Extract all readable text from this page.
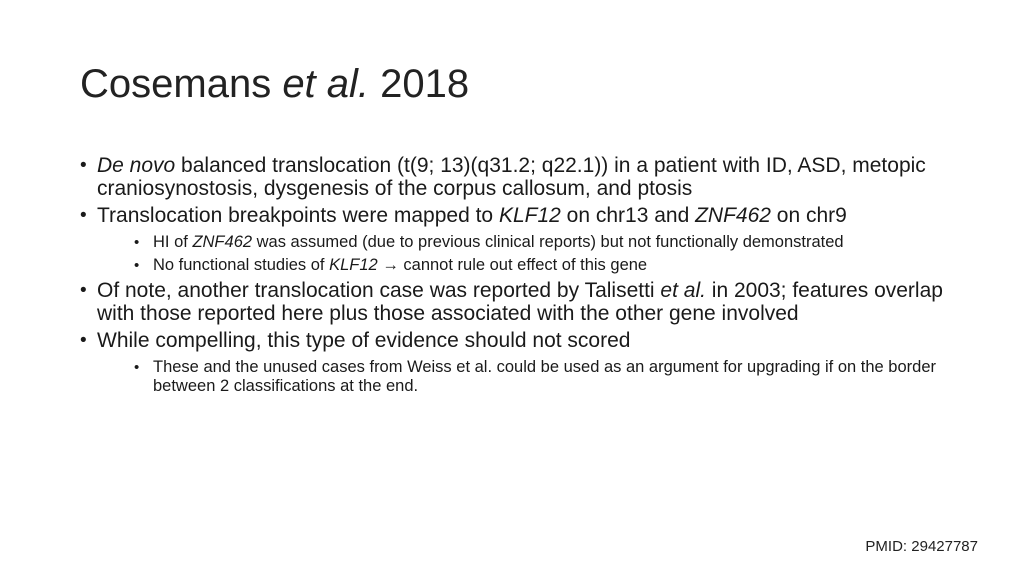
Cosemans et al. 2018
• De novo balanced translocation (t(9; 13)(q31.2; q22.1)) in a patient with ID, ASD, metopic craniosynostosis, dysgenesis of the corpus callosum, and ptosis
• Translocation breakpoints were mapped to KLF12 on chr13 and ZNF462 on chr9
• HI of ZNF462 was assumed (due to previous clinical reports) but not functionally demonstrated
• No functional studies of KLF12 → cannot rule out effect of this gene
• Of note, another translocation case was reported by Talisetti et al. in 2003; features overlap with those reported here plus those associated with the other gene involved
• While compelling, this type of evidence should not scored
• These and the unused cases from Weiss et al. could be used as an argument for upgrading if on the border between 2 classifications at the end.
PMID: 29427787
